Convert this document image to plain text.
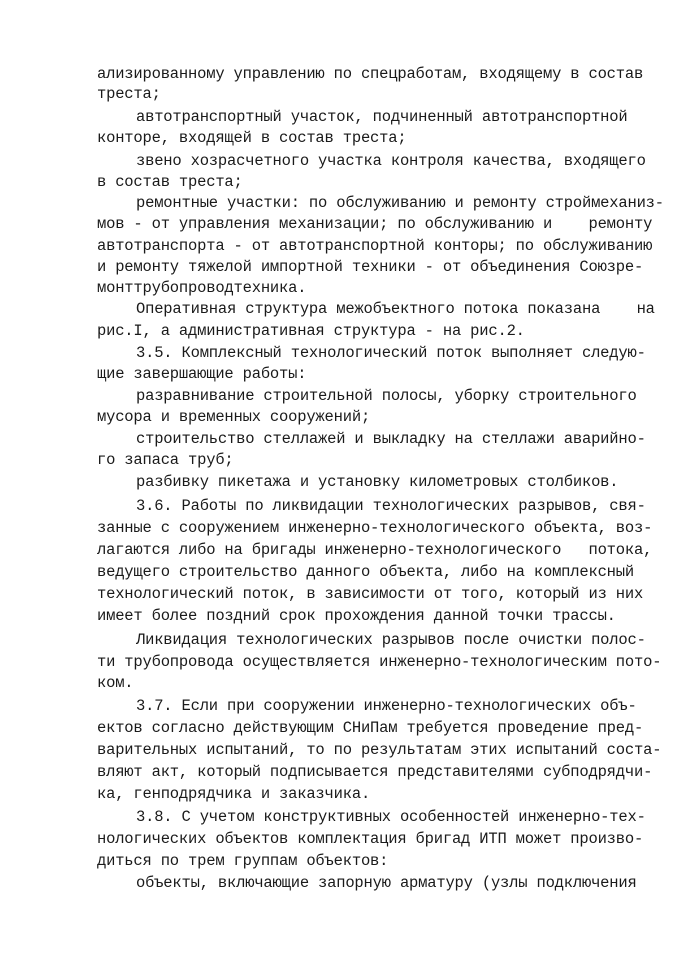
ализированному управлению по спецработам, входящему в состав
треста;
автотранспортный участок, подчиненный автотранспортной
конторе, входящей в состав треста;
звено хозрасчетного участка контроля качества, входящего
в состав треста;
ремонтные участки: по обслуживанию и ремонту строймеханиз-
мов - от управления механизации; по обслуживанию и    ремонту
автотранспорта - от автотранспортной конторы; по обслуживанию
и ремонту тяжелой импортной техники - от объединения Союзре-
монттрубопроводтехника.
Оперативная структура межобъектного потока показана    на
рис.I, а административная структура - на рис.2.
3.5. Комплексный технологический поток выполняет следую-
щие завершающие работы:
разравнивание строительной полосы, уборку строительного
мусора и временных сооружений;
строительство стеллажей и выкладку на стеллажи аварийно-
го запаса труб;
разбивку пикетажа и установку километровых столбиков.
3.6. Работы по ликвидации технологических разрывов, свя-
занные с сооружением инженерно-технологического объекта, воз-
лагаются либо на бригады инженерно-технологического   потока,
ведущего строительство данного объекта, либо на комплексный
технологический поток, в зависимости от того, который из них
имеет более поздний срок прохождения данной точки трассы.
Ликвидация технологических разрывов после очистки полос-
ти трубопровода осуществляется инженерно-технологическим пото-
ком.
3.7. Если при сооружении инженерно-технологических объ-
ектов согласно действующим СНиПам требуется проведение пред-
варительных испытаний, то по результатам этих испытаний соста-
вляют акт, который подписывается представителями субподрядчи-
ка, генподрядчика и заказчика.
3.8. С учетом конструктивных особенностей инженерно-тех-
нологических объектов комплектация бригад ИТП может произво-
диться по трем группам объектов:
объекты, включающие запорную арматуру (узлы подключения
